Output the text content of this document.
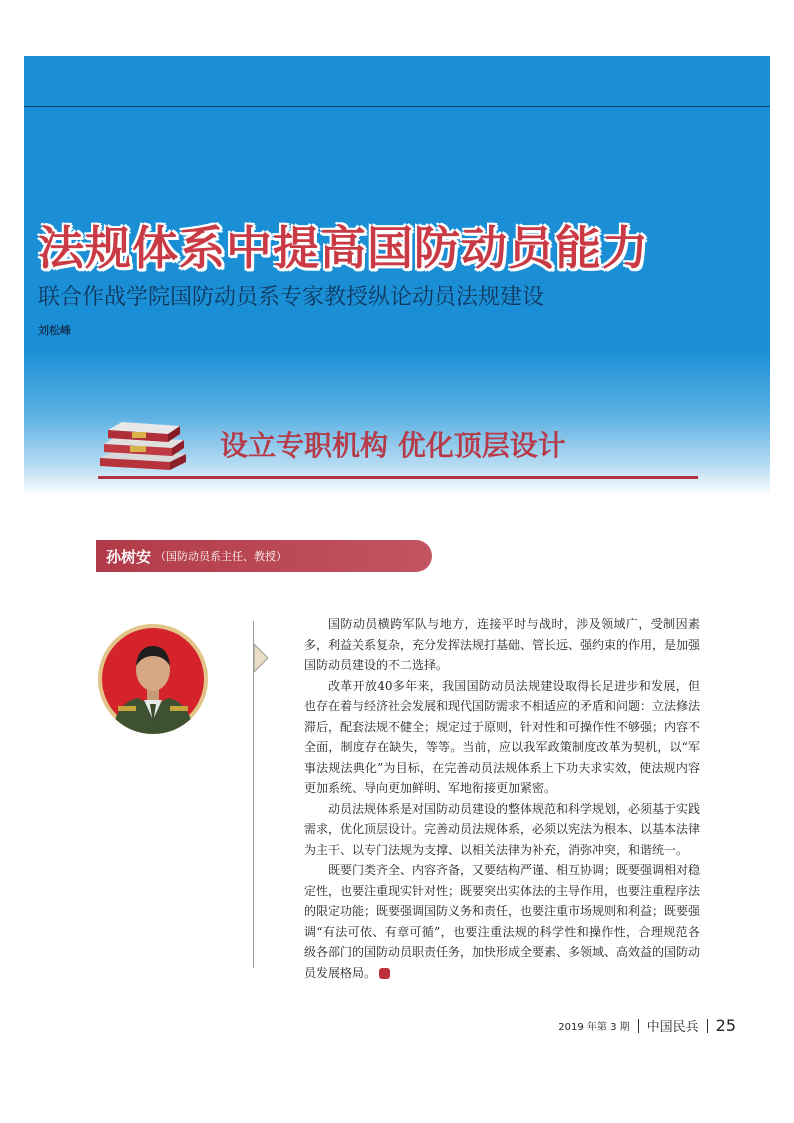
法规体系中提高国防动员能力
联合作战学院国防动员系专家教授纵论动员法规建设
刘松峰
设立专职机构 优化顶层设计
孙树安 （国防动员系主任、教授）

国防动员横跨军队与地方，连接平时与战时，涉及领域广，受制因素多，利益关系复杂，充分发挥法规打基础、管长远、强约束的作用，是加强国防动员建设的不二选择。

改革开放40多年来，我国国防动员法规建设取得长足进步和发展，但也存在着与经济社会发展和现代国防需求不相适应的矛盾和问题：立法修法滞后，配套法规不健全；规定过于原则，针对性和可操作性不够强；内容不全面，制度存在缺失，等等。当前，应以我军政策制度改革为契机，以“军事法规法典化”为目标，在完善动员法规体系上下功夫求实效，使法规内容更加系统、导向更加鲜明、军地衔接更加紧密。

动员法规体系是对国防动员建设的整体规范和科学规划，必须基于实践需求，优化顶层设计。完善动员法规体系，必须以宪法为根本、以基本法律为主干、以专门法规为支撑、以相关法律为补充，消弥冲突，和谐统一。

既要门类齐全、内容齐备，又要结构严谨、相互协调；既要强调相对稳定性，也要注重现实针对性；既要突出实体法的主导作用，也要注重程序法的限定功能；既要强调国防义务和责任，也要注重市场规则和利益；既要强调“有法可依、有章可循”，也要注重法规的科学性和操作性，合理规范各级各部门的国防动员职责任务，加快形成全要素、多领域、高效益的国防动员发展格局。

2019 年第 3 期 中国民兵 25
